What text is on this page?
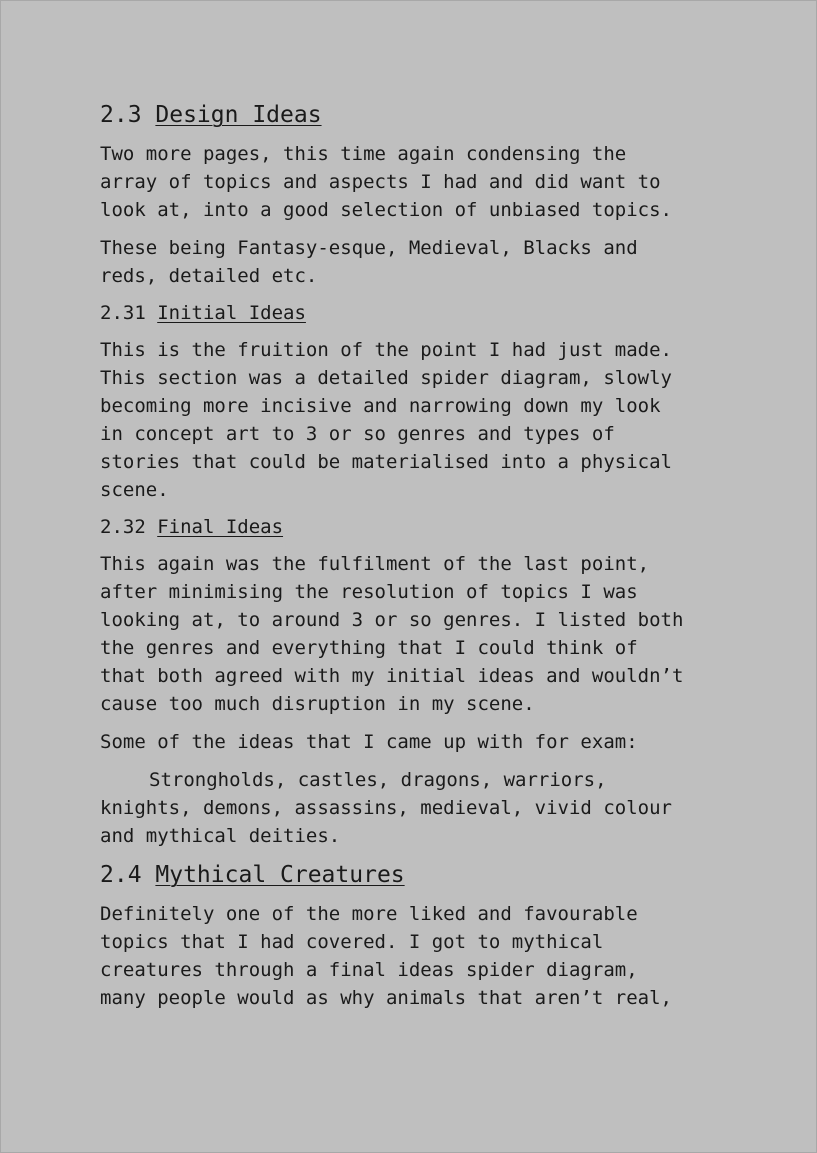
2.3 Design Ideas
Two more pages, this time again condensing the
array of topics and aspects I had and did want to
look at, into a good selection of unbiased topics.
These being Fantasy-esque, Medieval, Blacks and
reds, detailed etc.
2.31 Initial Ideas
This is the fruition of the point I had just made.
This section was a detailed spider diagram, slowly
becoming more incisive and narrowing down my look
in concept art to 3 or so genres and types of
stories that could be materialised into a physical
scene.
2.32 Final Ideas
This again was the fulfilment of the last point,
after minimising the resolution of topics I was
looking at, to around 3 or so genres. I listed both
the genres and everything that I could think of
that both agreed with my initial ideas and wouldn’t
cause too much disruption in my scene.
Some of the ideas that I came up with for exam:
Strongholds, castles, dragons, warriors,
knights, demons, assassins, medieval, vivid colour
and mythical deities.
2.4 Mythical Creatures
Definitely one of the more liked and favourable
topics that I had covered. I got to mythical
creatures through a final ideas spider diagram,
many people would as why animals that aren’t real,
